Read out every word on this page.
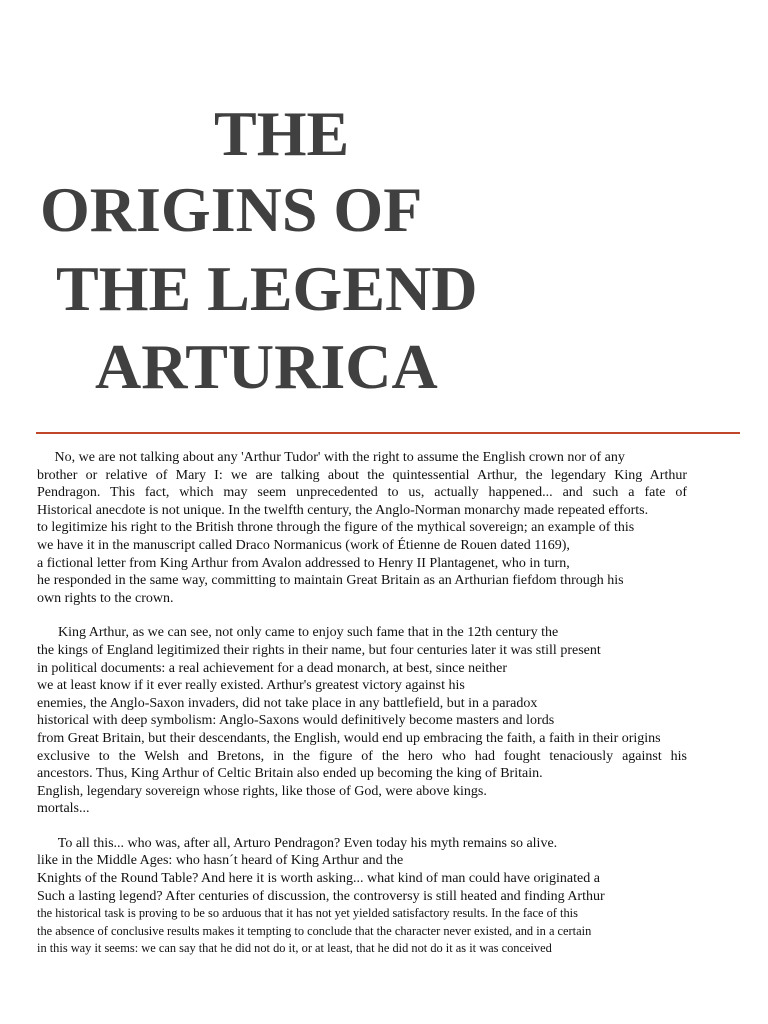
THE
ORIGINS OF
THE LEGEND
ARTURICA

No, we are not talking about any 'Arthur Tudor' with the right to assume the English crown nor of any
brother or relative of Mary I: we are talking about the quintessential Arthur, the legendary King Arthur
Pendragon. This fact, which may seem unprecedented to us, actually happened... and such a fate of
Historical anecdote is not unique. In the twelfth century, the Anglo-Norman monarchy made repeated efforts.
to legitimize his right to the British throne through the figure of the mythical sovereign; an example of this
we have it in the manuscript called Draco Normanicus (work of Étienne de Rouen dated 1169),
a fictional letter from King Arthur from Avalon addressed to Henry II Plantagenet, who in turn,
he responded in the same way, committing to maintain Great Britain as an Arthurian fiefdom through his
own rights to the crown.

King Arthur, as we can see, not only came to enjoy such fame that in the 12th century the
the kings of England legitimized their rights in their name, but four centuries later it was still present
in political documents: a real achievement for a dead monarch, at best, since neither
we at least know if it ever really existed. Arthur's greatest victory against his
enemies, the Anglo-Saxon invaders, did not take place in any battlefield, but in a paradox
historical with deep symbolism: Anglo-Saxons would definitively become masters and lords
from Great Britain, but their descendants, the English, would end up embracing the faith, a faith in their origins
exclusive to the Welsh and Bretons, in the figure of the hero who had fought tenaciously against his
ancestors. Thus, King Arthur of Celtic Britain also ended up becoming the king of Britain.
English, legendary sovereign whose rights, like those of God, were above kings.
mortals...

To all this... who was, after all, Arturo Pendragon? Even today his myth remains so alive.
like in the Middle Ages: who hasn´t heard of King Arthur and the
Knights of the Round Table? And here it is worth asking... what kind of man could have originated a
Such a lasting legend? After centuries of discussion, the controversy is still heated and finding Arthur
the historical task is proving to be so arduous that it has not yet yielded satisfactory results. In the face of this
the absence of conclusive results makes it tempting to conclude that the character never existed, and in a certain
in this way it seems: we can say that he did not do it, or at least, that he did not do it as it was conceived
